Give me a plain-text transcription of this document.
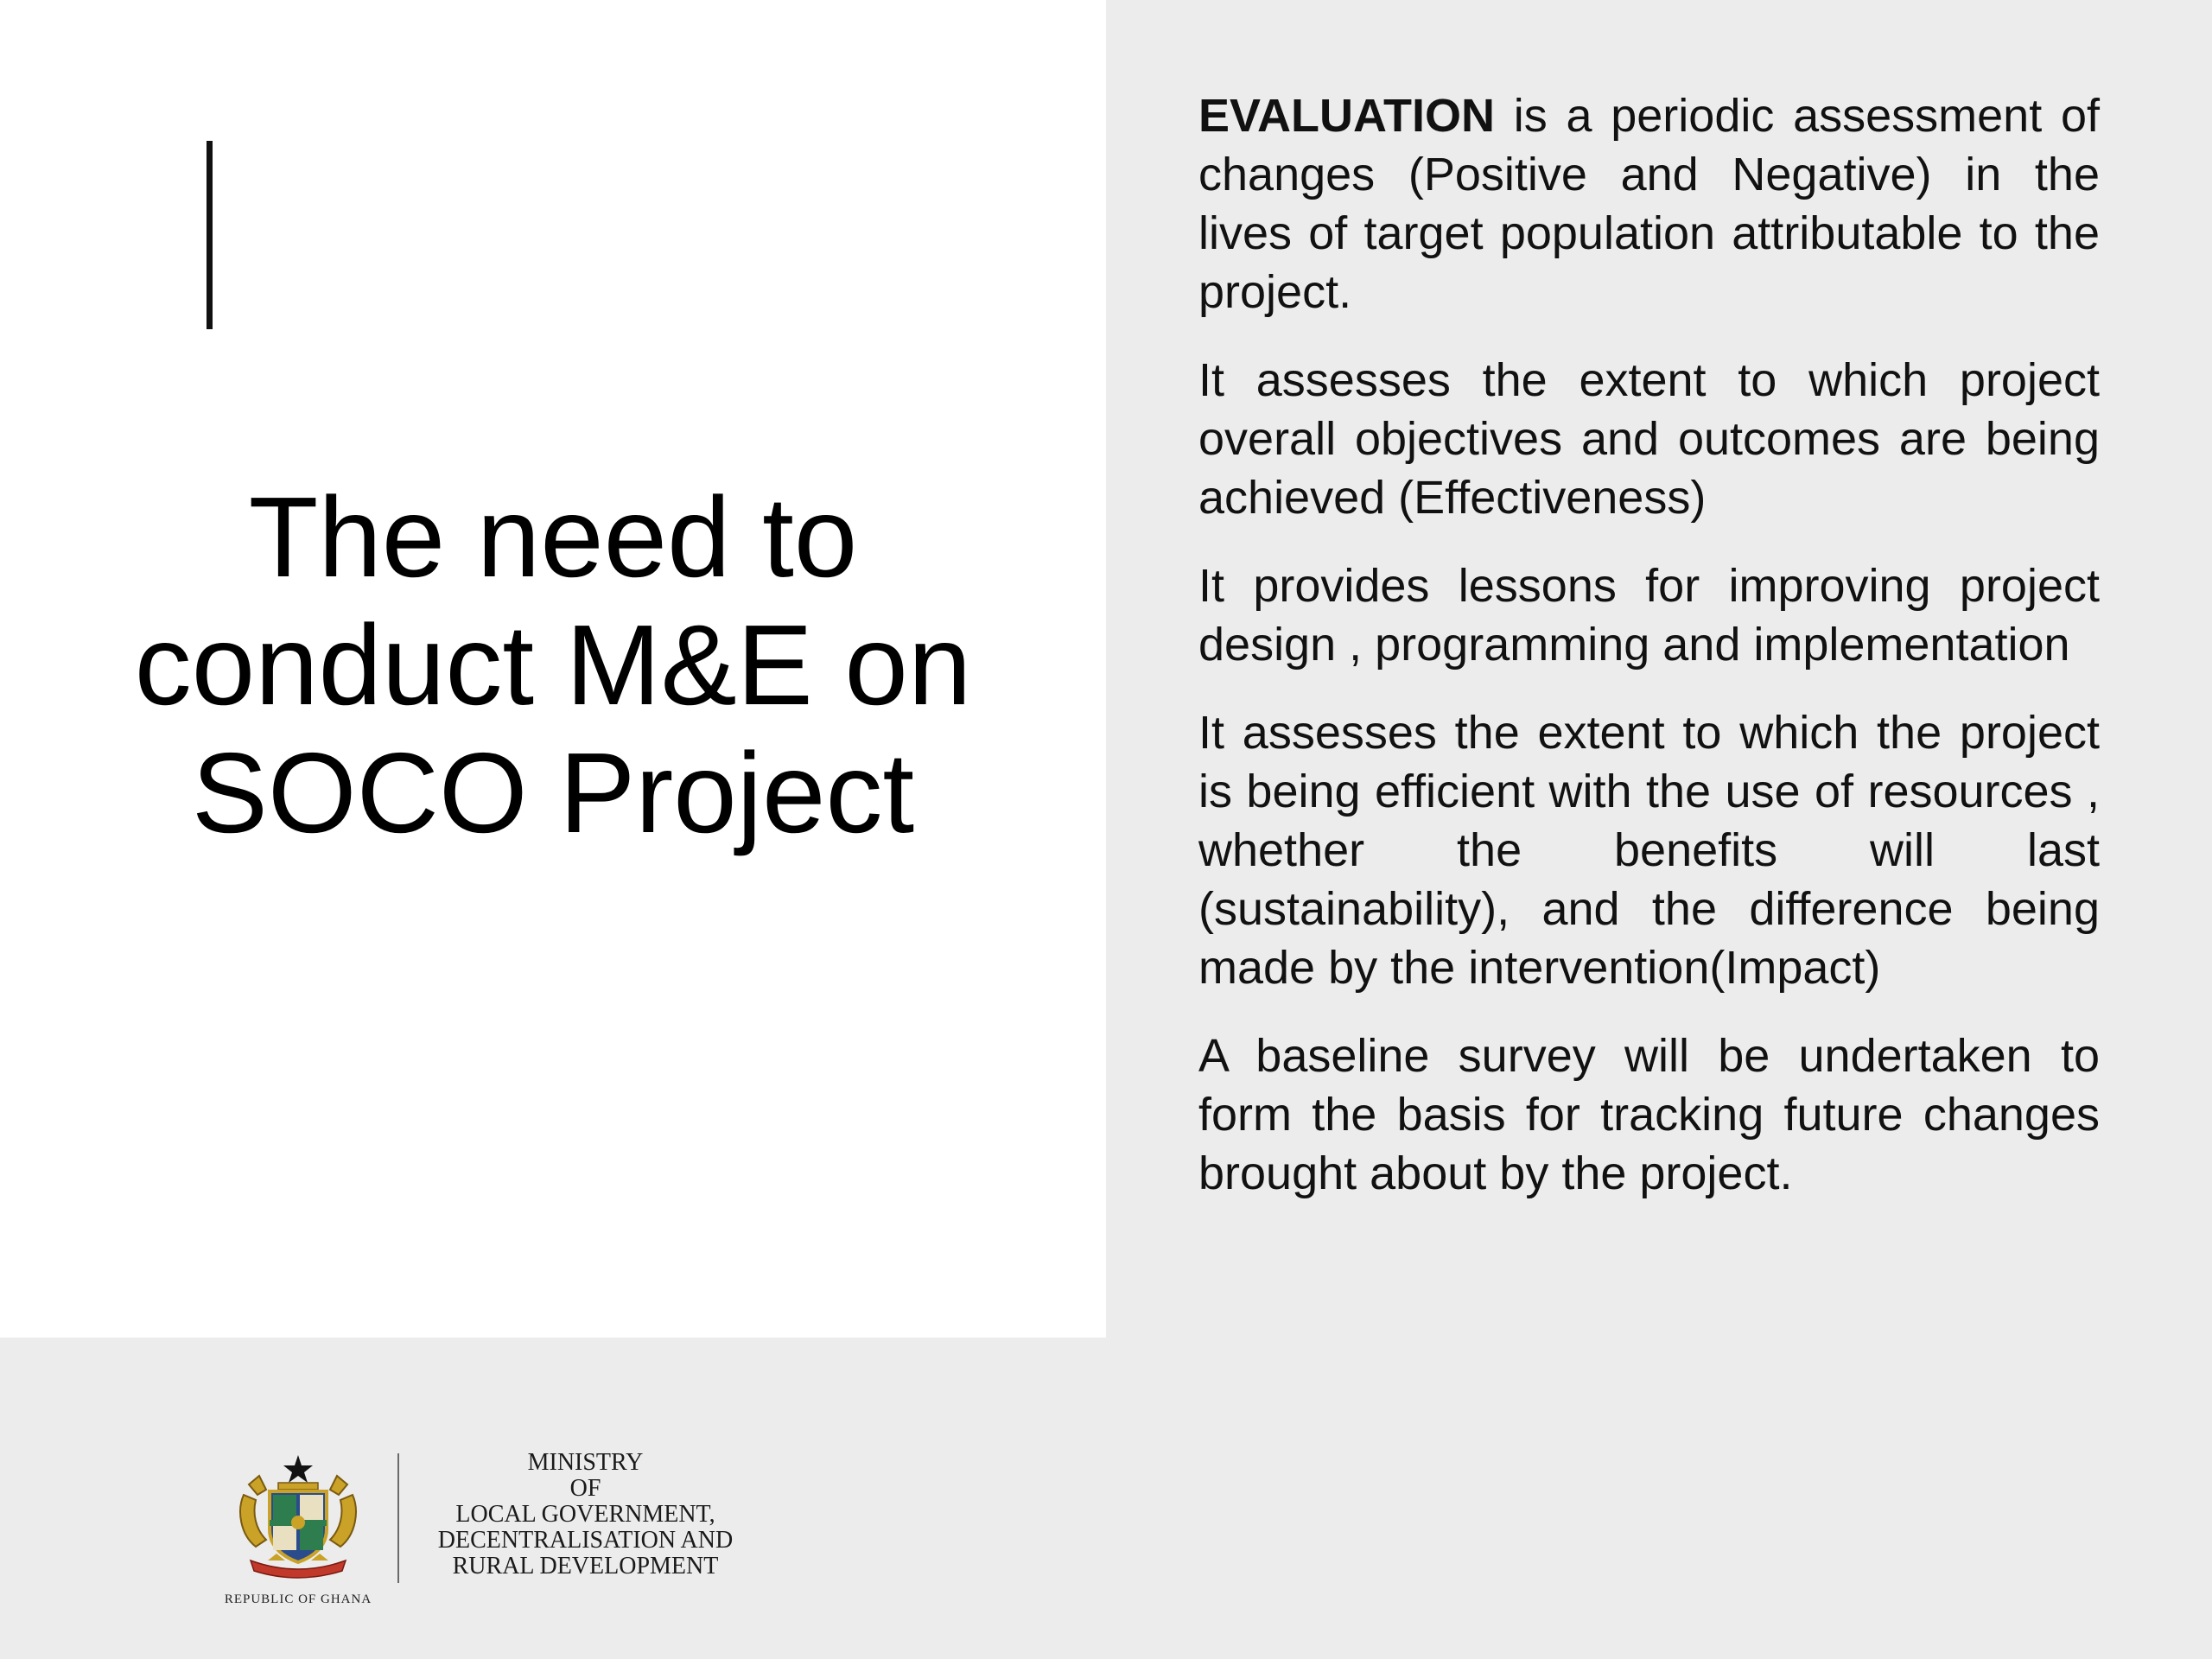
The need to
conduct M&E on
SOCO Project

EVALUATION is a periodic assessment of changes (Positive and Negative) in the lives of target population attributable to the project.

It assesses the extent to which project overall objectives and outcomes are being achieved (Effectiveness)

It provides lessons for improving project design , programming and implementation

It assesses the extent to which the project is being efficient with the use of resources , whether the benefits will last (sustainability), and the difference being made by the intervention(Impact)

A baseline survey will be undertaken to form the basis for tracking future changes brought about by the project.

REPUBLIC OF GHANA
MINISTRY
OF
LOCAL GOVERNMENT,
DECENTRALISATION AND
RURAL DEVELOPMENT
